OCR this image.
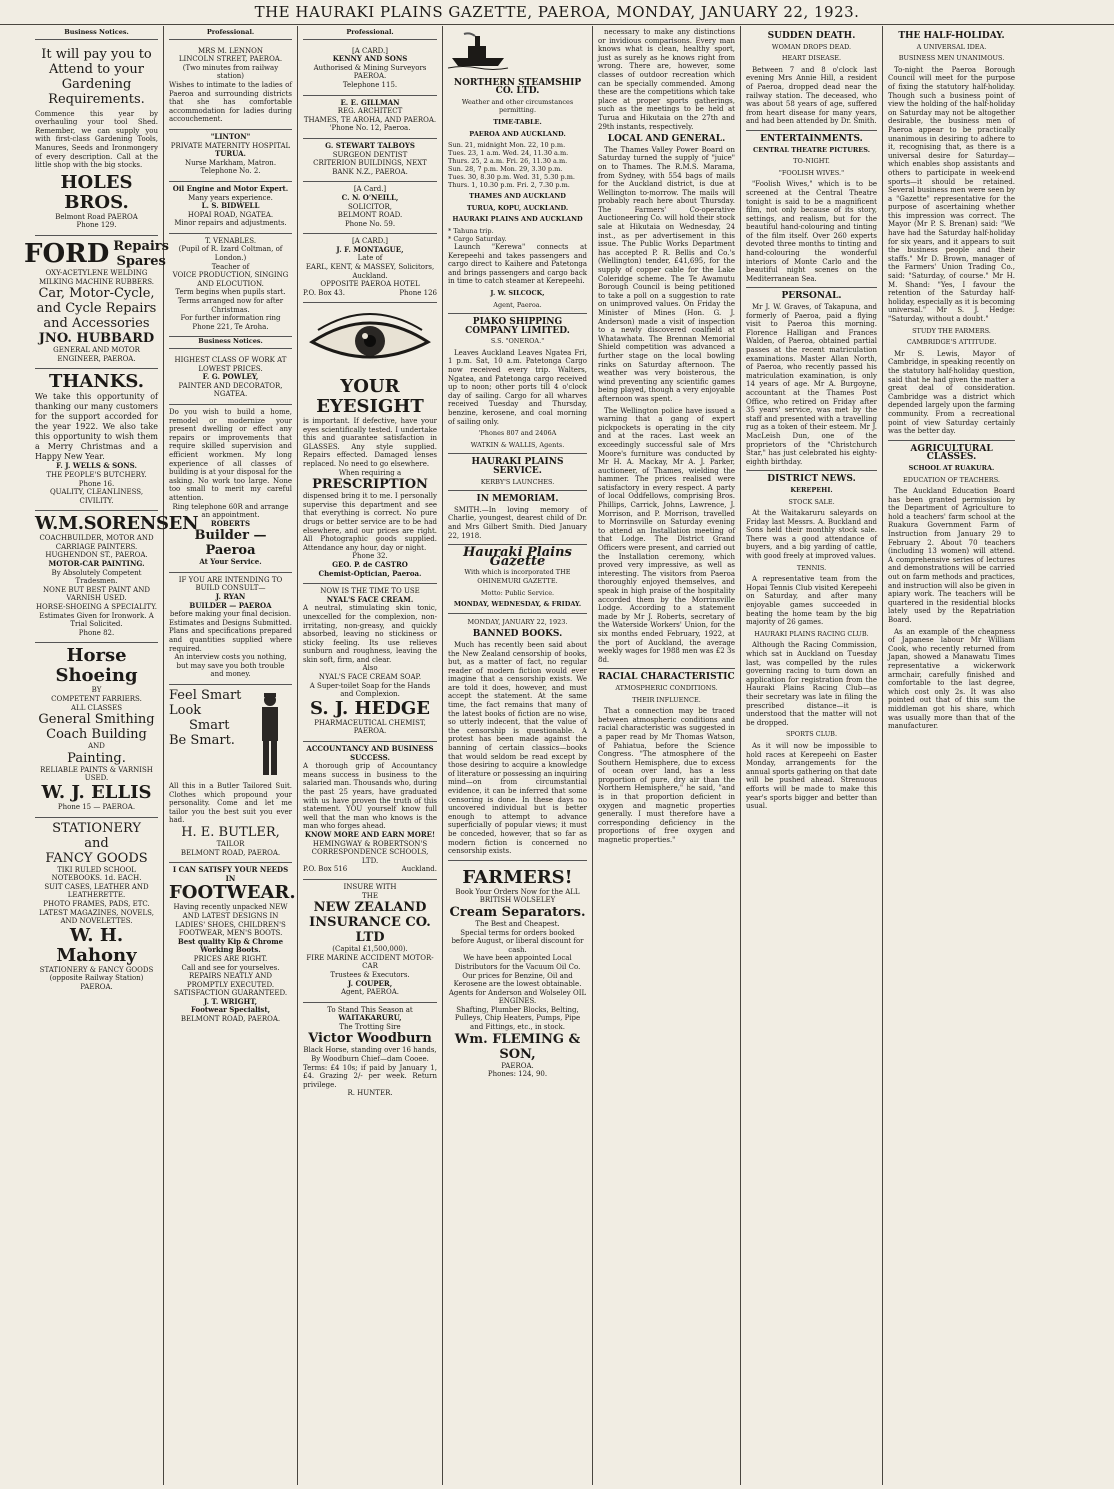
THE HAURAKI PLAINS GAZETTE, PAEROA, MONDAY, JANUARY 22, 1923.
Business Notices.
It will pay you to
Attend to your
Gardening
Requirements.
Commence this year by overhauling your tool Shed. Remember, we can supply you with first-class Gardening Tools, Manures, Seeds and Ironmongery of every description. Call at the little shop with the big stocks.
HOLES BROS.
Belmont Road PAEROA
Phone 129.
FORD Repairs
Spares
OXY-ACETYLENE WELDING
MILKING MACHINE RUBBERS.
Car, Motor-Cycle,
and Cycle Repairs
and Accessories
JNO. HUBBARD
GENERAL AND MOTOR ENGINEER, PAEROA.
THANKS.
We take this opportunity of thanking our many customers for the support accorded for the year 1922. We also take this opportunity to wish them a Merry Christmas and a Happy New Year.
F. J. WELLS & SONS.
THE PEOPLE'S BUTCHERY.
Phone 16.
QUALITY, CLEANLINESS, CIVILITY.
W.M.SORENSEN
COACHBUILDER, MOTOR AND
CARRIAGE PAINTERS.
HUGHENDON ST., PAEROA.
MOTOR-CAR PAINTING.
By Absolutely Competent Tradesmen.
NONE BUT BEST PAINT AND VARNISH USED.
HORSE-SHOEING A SPECIALITY.
Estimates Given for Ironwork. A Trial Solicited.
Phone 82.
Horse Shoeing
BY
COMPETENT FARRIERS.
ALL CLASSES
General Smithing
Coach Building
AND
Painting.
RELIABLE PAINTS & VARNISH USED.
W. J. ELLIS
Phone 15 — PAEROA.
STATIONERY
and
FANCY GOODS
TIKI RULED SCHOOL NOTEBOOKS. 1d. EACH.
SUIT CASES, LEATHER AND LEATHERETTE.
PHOTO FRAMES, PADS, ETC.
LATEST MAGAZINES, NOVELS, AND NOVELETTES.
W. H. Mahony
STATIONERY & FANCY GOODS
(opposite Railway Station)
PAEROA.
Professional.
MRS M. LENNON
LINCOLN STREET, PAEROA.
(Two minutes from railway station)
Wishes to intimate to the ladies of Paeroa and surrounding districts that she has comfortable accommodation for ladies during accouchement.
"LINTON"
PRIVATE MATERNITY HOSPITAL
TURUA.
Nurse Markham, Matron. Telephone No. 2.
Oil Engine and Motor Expert.
Many years experience.
L. S. BIDWELL
HOPAI ROAD, NGATEA.
Minor repairs and adjustments.
T. VENABLES.
(Pupil of R. Izard Coltman, of London.)
Teacher of
VOICE PRODUCTION, SINGING AND ELOCUTION.
Term begins when pupils start. Terms arranged now for after Christmas.
For further information ring Phone 221, Te Aroha.
Business Notices.
HIGHEST CLASS OF WORK AT LOWEST PRICES.
F. G. POWLEY,
PAINTER AND DECORATOR, NGATEA.
Do you wish to build a home, remodel or modernize your present dwelling or effect any repairs or improvements that require skilled supervision and efficient workmen. My long experience of all classes of building is at your disposal for the asking. No work too large. None too small to merit my careful attention.
Ring telephone 60R and arrange an appointment.
ROBERTS
Builder — Paeroa
At Your Service.
IF YOU ARE INTENDING TO BUILD CONSULT—
J. RYAN
BUILDER — PAEROA
before making your final decision.
Estimates and Designs Submitted. Plans and specifications prepared and quantities supplied where required.
An interview costs you nothing, but may save you both trouble and money.
Feel Smart
Look
Smart
Be Smart.
All this in a Butler Tailored Suit. Clothes which propound your personality. Come and let me tailor you the best suit you ever had.
H. E. BUTLER,
TAILOR
BELMONT ROAD, PAEROA.
I CAN SATISFY YOUR NEEDS IN
FOOTWEAR.
Having recently unpacked NEW AND LATEST DESIGNS IN LADIES' SHOES, CHILDREN'S FOOTWEAR, MEN'S BOOTS.
Best quality Kip & Chrome Working Boots.
PRICES ARE RIGHT.
Call and see for yourselves.
REPAIRS NEATLY AND PROMPTLY EXECUTED.
SATISFACTION GUARANTEED.
J. T. WRIGHT,
Footwear Specialist,
BELMONT ROAD, PAEROA.
Professional.
[A CARD.]
KENNY AND SONS
Authorised & Mining Surveyors PAEROA.
Telephone 115.
E. E. GILLMAN
REG. ARCHITECT
THAMES, TE AROHA, AND PAEROA.
'Phone No. 12, Paeroa.
G. STEWART TALBOYS
SURGEON DENTIST
CRITERION BUILDINGS, NEXT BANK N.Z., PAEROA.
[A Card.]
C. N. O'NEILL,
SOLICITOR,
BELMONT ROAD.
Phone No. 59.
[A CARD.]
J. F. MONTAGUE,
Late of
EARL, KENT, & MASSEY, Solicitors, Auckland.
OPPOSITE PAEROA HOTEL
P.O. Box 43.	Phone 126
YOUR EYESIGHT
is important. If defective, have your eyes scientifically tested. I undertake this and guarantee satisfaction in GLASSES. Any style supplied. Repairs effected. Damaged lenses replaced. No need to go elsewhere.
When requiring a
PRESCRIPTION
dispensed bring it to me. I personally supervise this department and see that everything is correct. No pure drugs or better service are to be had elsewhere, and our prices are right. All Photographic goods supplied. Attendance any hour, day or night.
Phone 32.
GEO. P. de CASTRO
Chemist-Optician, Paeroa.
NOW IS THE TIME TO USE
NYAL'S FACE CREAM.
A neutral, stimulating skin tonic, unexcelled for the complexion, non-irritating, non-greasy, and quickly absorbed, leaving no stickiness or sticky feeling. Its use relieves sunburn and roughness, leaving the skin soft, firm, and clear.
Also
NYAL'S FACE CREAM SOAP.
A Super-toilet Soap for the Hands and Complexion.
S. J. HEDGE
PHARMACEUTICAL CHEMIST, PAEROA.
ACCOUNTANCY AND BUSINESS SUCCESS.
A thorough grip of Accountancy means success in business to the salaried man. Thousands who, during the past 25 years, have graduated with us have proven the truth of this statement. YOU yourself know full well that the man who knows is the man who forges ahead.
KNOW MORE AND EARN MORE!
HEMINGWAY & ROBERTSON'S CORRESPONDENCE SCHOOLS, LTD.
P.O. Box 516	Auckland.
INSURE WITH
THE
NEW ZEALAND
INSURANCE CO. LTD
(Capital £1,500,000).
FIRE MARINE ACCIDENT MOTOR-CAR
Trustees & Executors.
J. COUPER,
Agent, PAEROA.
To Stand This Season at
WAITAKARURU,
The Trotting Sire
Victor Woodburn
Black Horse, standing over 16 hands,
By Woodburn Chief—dam Cooee.
Terms: £4 10s; if paid by January 1, £4. Grazing 2/- per week. Return privilege.
R. HUNTER.
NORTHERN STEAMSHIP CO. LTD.
Weather and other circumstances permitting.
TIME-TABLE.
PAEROA AND AUCKLAND.
Sun. 21, midnight Mon. 22, 10 p.m.
Tues. 23, 1 a.m. Wed. 24, 11.30 a.m.
Thurs. 25, 2 a.m. Fri. 26, 11.30 a.m.
Sun. 28, 7 p.m. Mon. 29, 3.30 p.m.
Tues. 30, 8.30 p.m. Wed. 31, 5.30 p.m.
Thurs. 1, 10.30 p.m. Fri. 2, 7.30 p.m.
THAMES AND AUCKLAND
TURUA, KOPU, AUCKLAND.
HAURAKI PLAINS AND AUCKLAND
* Tahuna trip.
* Cargo Saturday.

Launch "Kerewa" connects at Kerepeehi and takes passengers and cargo direct to Kaihere and Patetonga and brings passengers and cargo back in time to catch steamer at Kerepeehi.

J. W. SILCOCK,
Agent, Paeroa.
PIAKO SHIPPING COMPANY LIMITED.
S.S. "ONEROA."

Leaves Auckland Leaves Ngatea Fri, 1 p.m. Sat, 10 a.m. Patetonga Cargo now received every trip. Walters, Ngatea, and Patetonga cargo received up to noon; other ports till 4 o'clock day of sailing. Cargo for all wharves received Tuesday and Thursday, benzine, kerosene, and coal morning of sailing only.

'Phones 807 and 2406A
WATKIN & WALLIS, Agents.
HAURAKI PLAINS SERVICE.
KERBY'S LAUNCHES.
IN MEMORIAM.

SMITH.—In loving memory of Charlie, youngest, dearest child of Dr. and Mrs Gilbert Smith. Died January 22, 1918.

Hauraki Plains Gazette
With which is incorporated THE OHINEMURI GAZETTE.
Motto: Public Service.
MONDAY, WEDNESDAY, & FRIDAY.
MONDAY, JANUARY 22, 1923.
BANNED BOOKS.

Much has recently been said about the New Zealand censorship of books, but, as a matter of fact, no regular reader of modern fiction would ever imagine that a censorship exists. We are told it does, however, and must accept the statement. At the same time, the fact remains that many of the latest books of fiction are no wise, so utterly indecent, that the value of the censorship is questionable. A protest has been made against the banning of certain classics—books that would seldom be read except by those desiring to acquire a knowledge of literature or possessing an inquiring mind—on from circumstantial evidence, it can be inferred that some censoring is done. In these days no uncovered individual but is better enough to attempt to advance superficially of popular views; it must be conceded, however, that so far as modern fiction is concerned no censorship exists.

FARMERS!
Book Your Orders Now for the ALL BRITISH WOLSELEY
Cream Separators.
The Best and Cheapest.
Special terms for orders booked before August, or liberal discount for cash.
We have been appointed Local Distributors for the Vacuum Oil Co.
Our prices for Benzine, Oil and Kerosene are the lowest obtainable.
Agents for Anderson and Wolseley OIL ENGINES.
Shafting, Plumber Blocks, Belting, Pulleys, Chip Heaters, Pumps, Pipe and Fittings, etc., in stock.
Wm. FLEMING & SON,
PAEROA.
Phones: 124, 90.

necessary to make any distinctions or invidious comparisons. Every man knows what is clean, healthy sport, just as surely as he knows right from wrong. There are, however, some classes of outdoor recreation which can be specially commended. Among these are the competitions which take place at proper sports gatherings, such as the meetings to be held at Turua and Hikutaia on the 27th and 29th instants, respectively.

LOCAL AND GENERAL.

The Thames Valley Power Board on Saturday turned the supply of "juice" on to Thames. The R.M.S. Marama, from Sydney, with 554 bags of mails for the Auckland district, is due at Wellington to-morrow. The mails will probably reach here about Thursday. The Farmers' Co-operative Auctioneering Co. will hold their stock sale at Hikutaia on Wednesday, 24 inst., as per advertisement in this issue. The Public Works Department has accepted P. R. Bellis and Co.'s (Wellington) tender, £41,695, for the supply of copper cable for the Lake Coleridge scheme. The Te Awamutu Borough Council is being petitioned to take a poll on a suggestion to rate on unimproved values. On Friday the Minister of Mines (Hon. G. J. Anderson) made a visit of inspection to a newly discovered coalfield at Whatawhata. The Brennan Memorial Shield competition was advanced a further stage on the local bowling rinks on Saturday afternoon. The weather was very boisterous, the wind preventing any scientific games being played, though a very enjoyable afternoon was spent.

The Wellington police have issued a warning that a gang of expert pickpockets is operating in the city and at the races. Last week an exceedingly successful sale of Mrs Moore's furniture was conducted by Mr H. A. Mackay, Mr A. J. Parker, auctioneer, of Thames, wielding the hammer. The prices realised were satisfactory in every respect. A party of local Oddfellows, comprising Bros. Phillips, Carrick, Johns, Lawrence, J. Morrison, and P. Morrison, travelled to Morrinsville on Saturday evening to attend an Installation meeting of that Lodge. The District Grand Officers were present, and carried out the Installation ceremony, which proved very impressive, as well as interesting. The visitors from Paeroa thoroughly enjoyed themselves, and speak in high praise of the hospitality accorded them by the Morrinsville Lodge. According to a statement made by Mr J. Roberts, secretary of the Waterside Workers' Union, for the six months ended February, 1922, at the port of Auckland, the average weekly wages for 1988 men was £2 3s 8d.

RACIAL CHARACTERISTIC
ATMOSPHERIC CONDITIONS.
THEIR INFLUENCE.

That a connection may be traced between atmospheric conditions and racial characteristic was suggested in a paper read by Mr Thomas Watson, of Pahiatua, before the Science Congress. "The atmosphere of the Southern Hemisphere, due to excess of ocean over land, has a less proportion of pure, dry air than the Northern Hemisphere," he said, "and is in that proportion deficient in oxygen and magnetic properties generally. I must therefore have a corresponding deficiency in the proportions of free oxygen and magnetic properties."

SUDDEN DEATH.
WOMAN DROPS DEAD.
HEART DISEASE.

Between 7 and 8 o'clock last evening Mrs Annie Hill, a resident of Paeroa, dropped dead near the railway station. The deceased, who was about 58 years of age, suffered from heart disease for many years, and had been attended by Dr. Smith.

ENTERTAINMENTS.
CENTRAL THEATRE PICTURES.
TO-NIGHT.
"FOOLISH WIVES."

"Foolish Wives," which is to be screened at the Central Theatre tonight is said to be a magnificent film, not only because of its story, settings, and realism, but for the beautiful hand-colouring and tinting of the film itself. Over 260 experts devoted three months to tinting and hand-colouring the wonderful interiors of Monte Carlo and the beautiful night scenes on the Mediterranean Sea.

PERSONAL.

Mr J. W. Graves, of Takapuna, and formerly of Paeroa, paid a flying visit to Paeroa this morning. Florence Halligan and Frances Walden, of Paeroa, obtained partial passes at the recent matriculation examinations. Master Allan North, of Paeroa, who recently passed his matriculation examination, is only 14 years of age. Mr A. Burgoyne, accountant at the Thames Post Office, who retired on Friday after 35 years' service, was met by the staff and presented with a travelling rug as a token of their esteem. Mr J. MacLeish Dun, one of the proprietors of the "Christchurch Star," has just celebrated his eighty-eighth birthday.

DISTRICT NEWS.
KEREPEHI.
STOCK SALE.

At the Waitakaruru saleyards on Friday last Messrs. A. Buckland and Sons held their monthly stock sale. There was a good attendance of buyers, and a big yarding of cattle, with good freely at improved values.

TENNIS.

A representative team from the Hopai Tennis Club visited Kerepeehi on Saturday, and after many enjoyable games succeeded in beating the home team by the big majority of 26 games.

HAURAKI PLAINS RACING CLUB.

Although the Racing Commission, which sat in Auckland on Tuesday last, was compelled by the rules governing racing to turn down an application for registration from the Hauraki Plains Racing Club—as their secretary was late in filing the prescribed distance—it is understood that the matter will not be dropped.

SPORTS CLUB.

As it will now be impossible to hold races at Kerepeehi on Easter Monday, arrangements for the annual sports gathering on that date will be pushed ahead. Strenuous efforts will be made to make this year's sports bigger and better than usual.

THE HALF-HOLIDAY.
A UNIVERSAL IDEA.
BUSINESS MEN UNANIMOUS.

To-night the Paeroa Borough Council will meet for the purpose of fixing the statutory half-holiday. Though such a business point of view the holding of the half-holiday on Saturday may not be altogether desirable, the business men of Paeroa appear to be practically unanimous in desiring to adhere to it, recognising that, as there is a universal desire for Saturday—which enables shop assistants and others to participate in week-end sports—it should be retained. Several business men were seen by a "Gazette" representative for the purpose of ascertaining whether this impression was correct. The Mayor (Mr P. S. Brenan) said: "We have had the Saturday half-holiday for six years, and it appears to suit the business people and their staffs." Mr D. Brown, manager of the Farmers' Union Trading Co., said: "Saturday, of course." Mr H. M. Shand: "Yes, I favour the retention of the Saturday half-holiday, especially as it is becoming universal." Mr S. J. Hedge: "Saturday, without a doubt."

STUDY THE FARMERS.
CAMBRIDGE'S ATTITUDE.

Mr S. Lewis, Mayor of Cambridge, in speaking recently on the statutory half-holiday question, said that he had given the matter a great deal of consideration. Cambridge was a district which depended largely upon the farming community. From a recreational point of view Saturday certainly was the better day.

AGRICULTURAL CLASSES.
SCHOOL AT RUAKURA.
EDUCATION OF TEACHERS.

The Auckland Education Board has been granted permission by the Department of Agriculture to hold a teachers' farm school at the Ruakura Government Farm of Instruction from January 29 to February 2. About 70 teachers (including 13 women) will attend. A comprehensive series of lectures and demonstrations will be carried out on farm methods and practices, and instruction will also be given in apiary work. The teachers will be quartered in the residential blocks lately used by the Repatriation Board.

As an example of the cheapness of Japanese labour Mr William Cook, who recently returned from Japan, showed a Manawatu Times representative a wickerwork armchair, carefully finished and comfortable to the last degree, which cost only 2s. It was also pointed out that of this sum the middleman got his share, which was usually more than that of the manufacturer.
